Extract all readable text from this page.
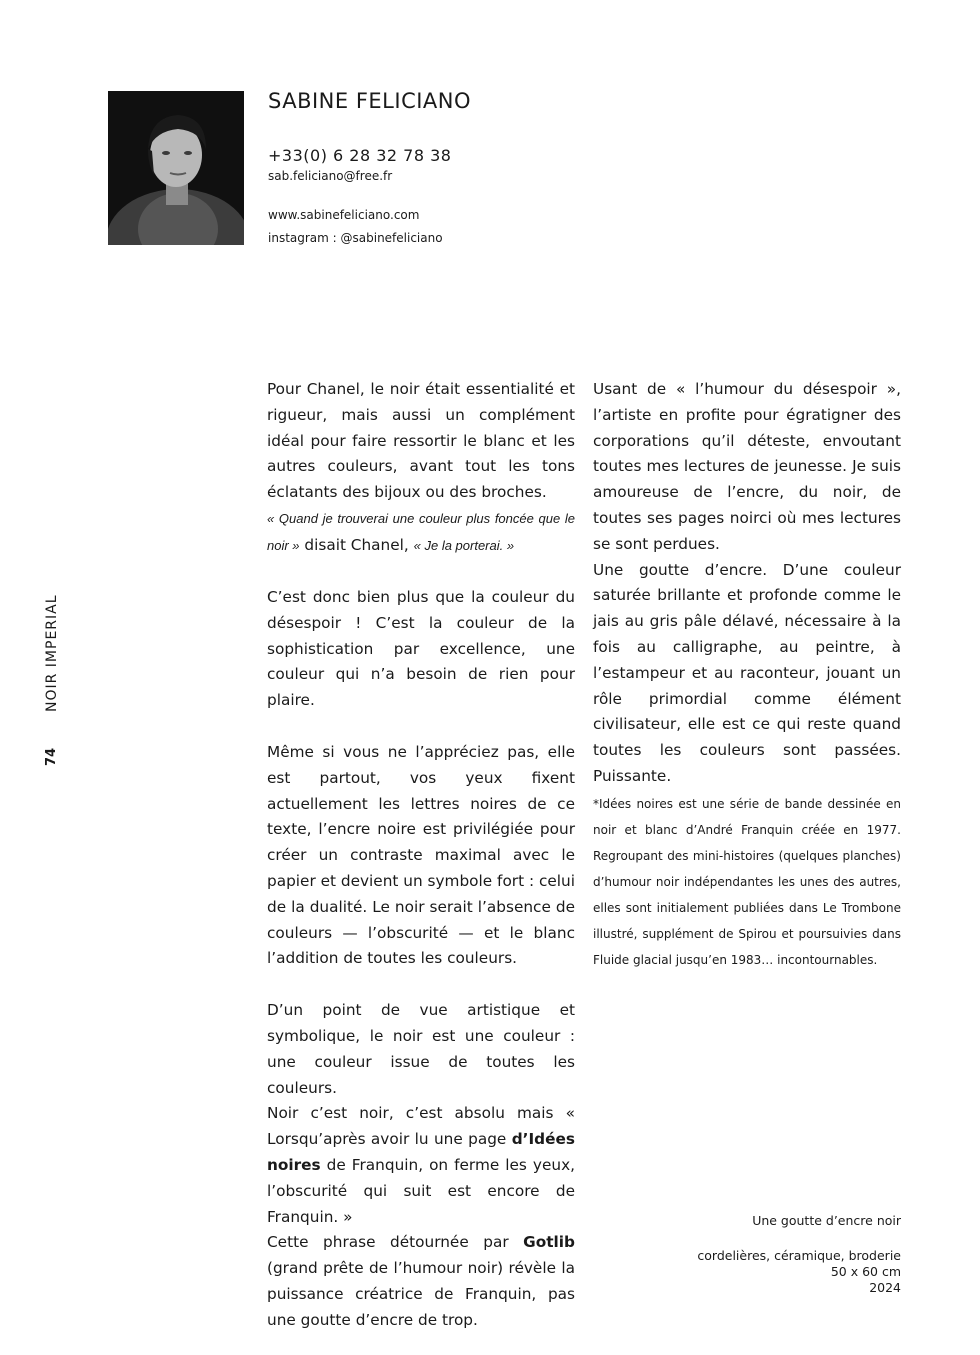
SABINE FELICIANO
+33(0) 6 28 32 78 38
sab.feliciano@free.fr
www.sabinefeliciano.com
instagram : @sabinefeliciano
NOIR IMPERIAL
74

Pour Chanel, le noir était essentialité et rigueur, mais aussi un complément idéal pour faire ressortir le blanc et les autres couleurs, avant tout les tons éclatants des bijoux ou des broches.

« Quand je trouverai une couleur plus foncée que le noir » disait Chanel, « Je la porterai. »

C’est donc bien plus que la couleur du désespoir ! C’est la couleur de la sophistication par excellence, une couleur qui n’a besoin de rien pour plaire.

Même si vous ne l’appréciez pas, elle est partout, vos yeux fixent actuellement les lettres noires de ce texte, l’encre noire est privilégiée pour créer un contraste maximal avec le papier et devient un symbole fort : celui de la dualité. Le noir serait l’absence de couleurs — l’obscurité — et le blanc l’addition de toutes les couleurs.

D’un point de vue artistique et symbolique, le noir est une couleur : une couleur issue de toutes les couleurs.

Noir c’est noir, c’est absolu mais « Lorsqu’après avoir lu une page d’Idées noires de Franquin, on ferme les yeux, l’obscurité qui suit est encore de Franquin. »

Cette phrase détournée par Gotlib (grand prête de l’humour noir) révèle la puissance créatrice de Franquin, pas une goutte d’encre de trop.

Usant de « l’humour du désespoir », l’artiste en profite pour égratigner des corporations qu’il déteste, envoutant toutes mes lectures de jeunesse. Je suis amoureuse de l’encre, du noir, de toutes ses pages noirci où mes lectures se sont perdues.

Une goutte d’encre. D’une couleur saturée brillante et profonde comme le jais au gris pâle délavé, nécessaire à la fois au calligraphe, au peintre, à l’estampeur et au raconteur, jouant un rôle primordial comme élément civilisateur, elle est ce qui reste quand toutes les couleurs sont passées. Puissante.

*Idées noires est une série de bande dessinée en noir et blanc d’André Franquin créée en 1977. Regroupant des mini-histoires (quelques planches) d’humour noir indépendantes les unes des autres, elles sont initialement publiées dans Le Trombone illustré, supplément de Spirou et poursuivies dans Fluide glacial jusqu’en 1983… incontournables.
Une goutte d’encre noir
cordelières, céramique, broderie
50 x 60 cm
2024
